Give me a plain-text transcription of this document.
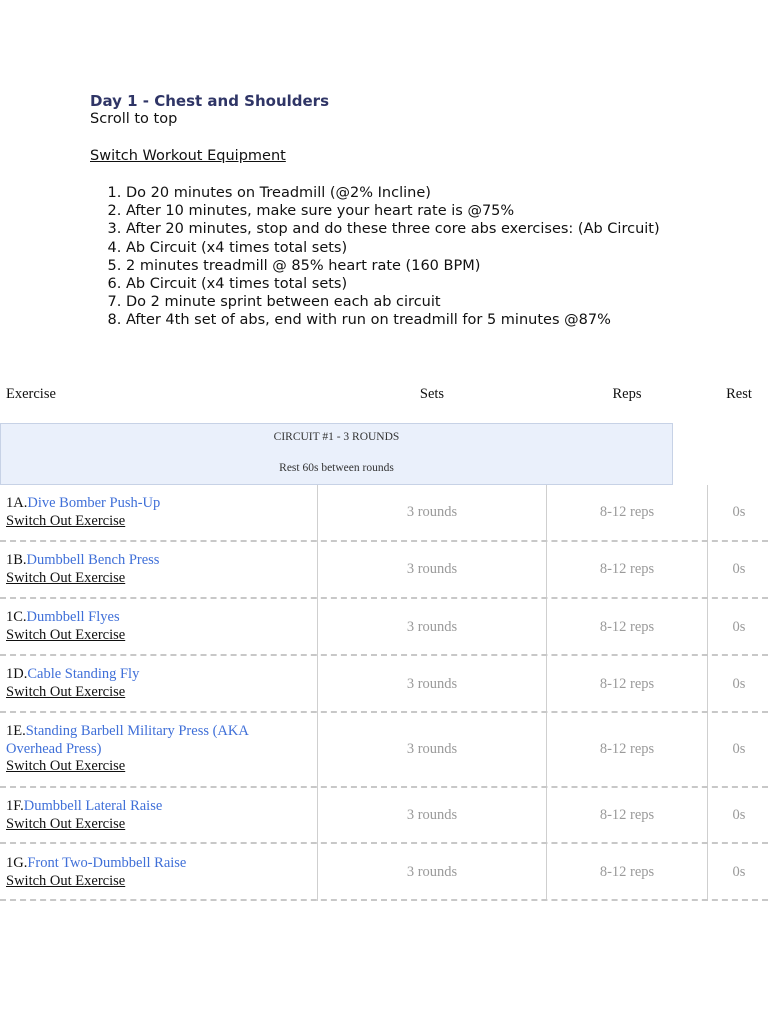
Day 1 - Chest and Shoulders
Scroll to top
Switch Workout Equipment
1. Do 20 minutes on Treadmill (@2% Incline)
2. After 10 minutes, make sure your heart rate is @75%
3. After 20 minutes, stop and do these three core abs exercises: (Ab Circuit)
4. Ab Circuit (x4 times total sets)
5. 2 minutes treadmill @ 85% heart rate (160 BPM)
6. Ab Circuit (x4 times total sets)
7. Do 2 minute sprint between each ab circuit
8. After 4th set of abs, end with run on treadmill for 5 minutes @87%
Exercise	Sets	Reps	Rest
CIRCUIT #1 - 3 ROUNDS
Rest 60s between rounds
1A.Dive Bomber Push-Up
Switch Out Exercise
3 rounds	8-12 reps	0s
1B.Dumbbell Bench Press
Switch Out Exercise
3 rounds	8-12 reps	0s
1C.Dumbbell Flyes
Switch Out Exercise	3 rounds	8-12 reps	0s
1D.Cable Standing Fly
Switch Out Exercise	3 rounds	8-12 reps	0s
1E.Standing Barbell Military Press (AKA Overhead Press)
Switch Out Exercise
3 rounds	8-12 reps	0s
1F.Dumbbell Lateral Raise
Switch Out Exercise
3 rounds	8-12 reps	0s
1G.Front Two-Dumbbell Raise
Switch Out Exercise
3 rounds	8-12 reps	0s
